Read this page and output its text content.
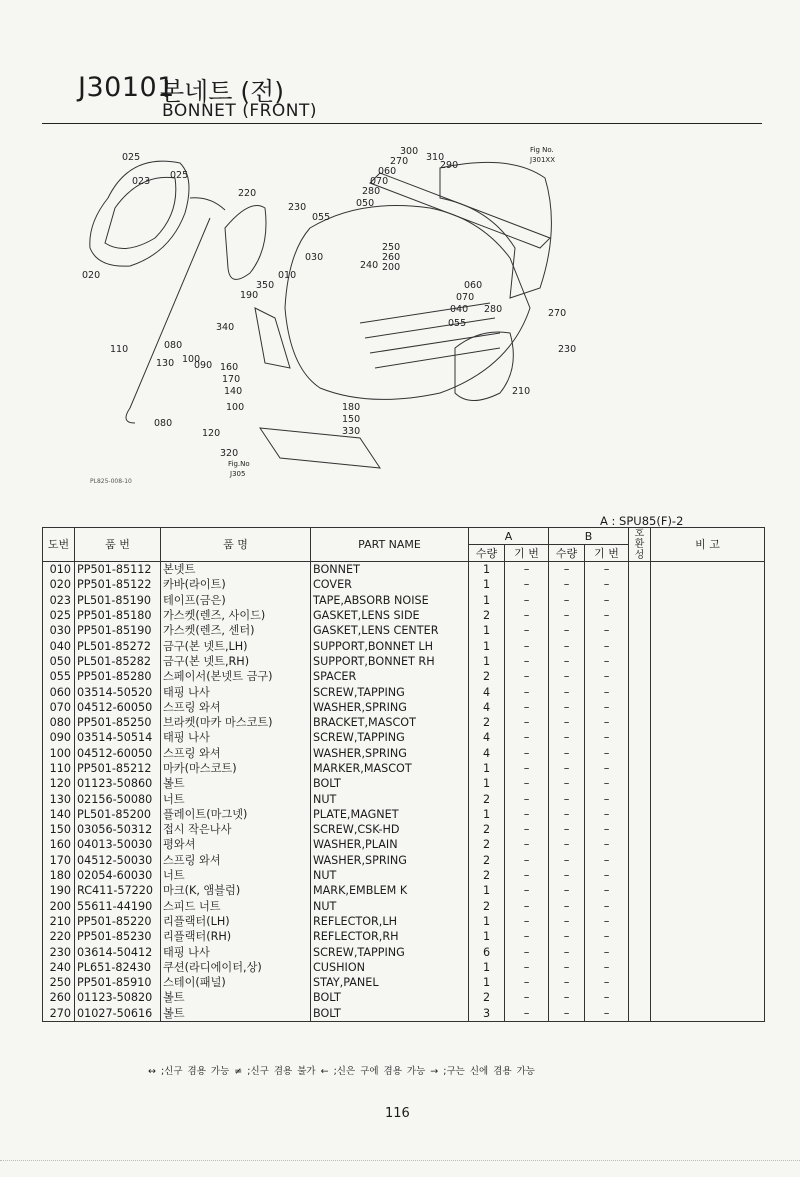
J30101
본네트 (전)
BONNET (FRONT)
025
023
025
020
220
230
055
300
270
060
070
280
050
310
290
030
240
250
260
200
010
350
190
340
110	080
130 100
090 160
170
140
100
080
120
060
070
040 280
055
270
230
210
180
150
330
320
Fig No.
J301XX
Fig.No
J305
PL825-008-10
A : SPU85(F)-2
도번	품 번	품 명	PART NAME	A		B		호환성	비 고
				수량	기 번	수량	기 번		
010	PP501-85112	본넷트	BONNET	1	–	–	–		
020	PP501-85122	카바(라이트)	COVER	1	–	–	–		
023	PL501-85190	테이프(금은)	TAPE,ABSORB NOISE	1	–	–	–		
025	PP501-85180	가스켓(렌즈, 사이드)	GASKET,LENS SIDE	2	–	–	–		
030	PP501-85190	가스켓(렌즈, 센터)	GASKET,LENS CENTER	1	–	–	–		
040	PL501-85272	금구(본 넷트,LH)	SUPPORT,BONNET LH	1	–	–	–		
050	PL501-85282	금구(본 넷트,RH)	SUPPORT,BONNET RH	1	–	–	–		
055	PP501-85280	스페이서(본넷트 금구)	SPACER	2	–	–	–		
060	03514-50520	태핑 나사	SCREW,TAPPING	4	–	–	–		
070	04512-60050	스프링 와셔	WASHER,SPRING	4	–	–	–		
080	PP501-85250	브라켓(마카 마스코트)	BRACKET,MASCOT	2	–	–	–		
090	03514-50514	태핑 나사	SCREW,TAPPING	4	–	–	–		
100	04512-60050	스프링 와셔	WASHER,SPRING	4	–	–	–		
110	PP501-85212	마카(마스코트)	MARKER,MASCOT	1	–	–	–		
120	01123-50860	볼트	BOLT	1	–	–	–		
130	02156-50080	너트	NUT	2	–	–	–		
140	PL501-85200	플레이트(마그넷)	PLATE,MAGNET	1	–	–	–		
150	03056-50312	접시 작은나사	SCREW,CSK-HD	2	–	–	–		
160	04013-50030	평와셔	WASHER,PLAIN	2	–	–	–		
170	04512-50030	스프링 와셔	WASHER,SPRING	2	–	–	–		
180	02054-60030	너트	NUT	2	–	–	–		
190	RC411-57220	마크(K, 앰블럼)	MARK,EMBLEM K	1	–	–	–		
200	55611-44190	스피드 너트	NUT	2	–	–	–		
210	PP501-85220	리플랙터(LH)	REFLECTOR,LH	1	–	–	–		
220	PP501-85230	리플랙터(RH)	REFLECTOR,RH	1	–	–	–		
230	03614-50412	태핑 나사	SCREW,TAPPING	6	–	–	–		
240	PL651-82430	쿠션(라디에이터,상)	CUSHION	1	–	–	–		
250	PP501-85910	스테이(패널)	STAY,PANEL	1	–	–	–		
260	01123-50820	볼트	BOLT	2	–	–	–		
270	01027-50616	볼트	BOLT	3	–	–	–		
↔ ;신구 겸용 가능 ≠ ;신구 겸용 불가 ← ;신은 구에 겸용 가능 → ;구는 신에 겸용 가능
116
